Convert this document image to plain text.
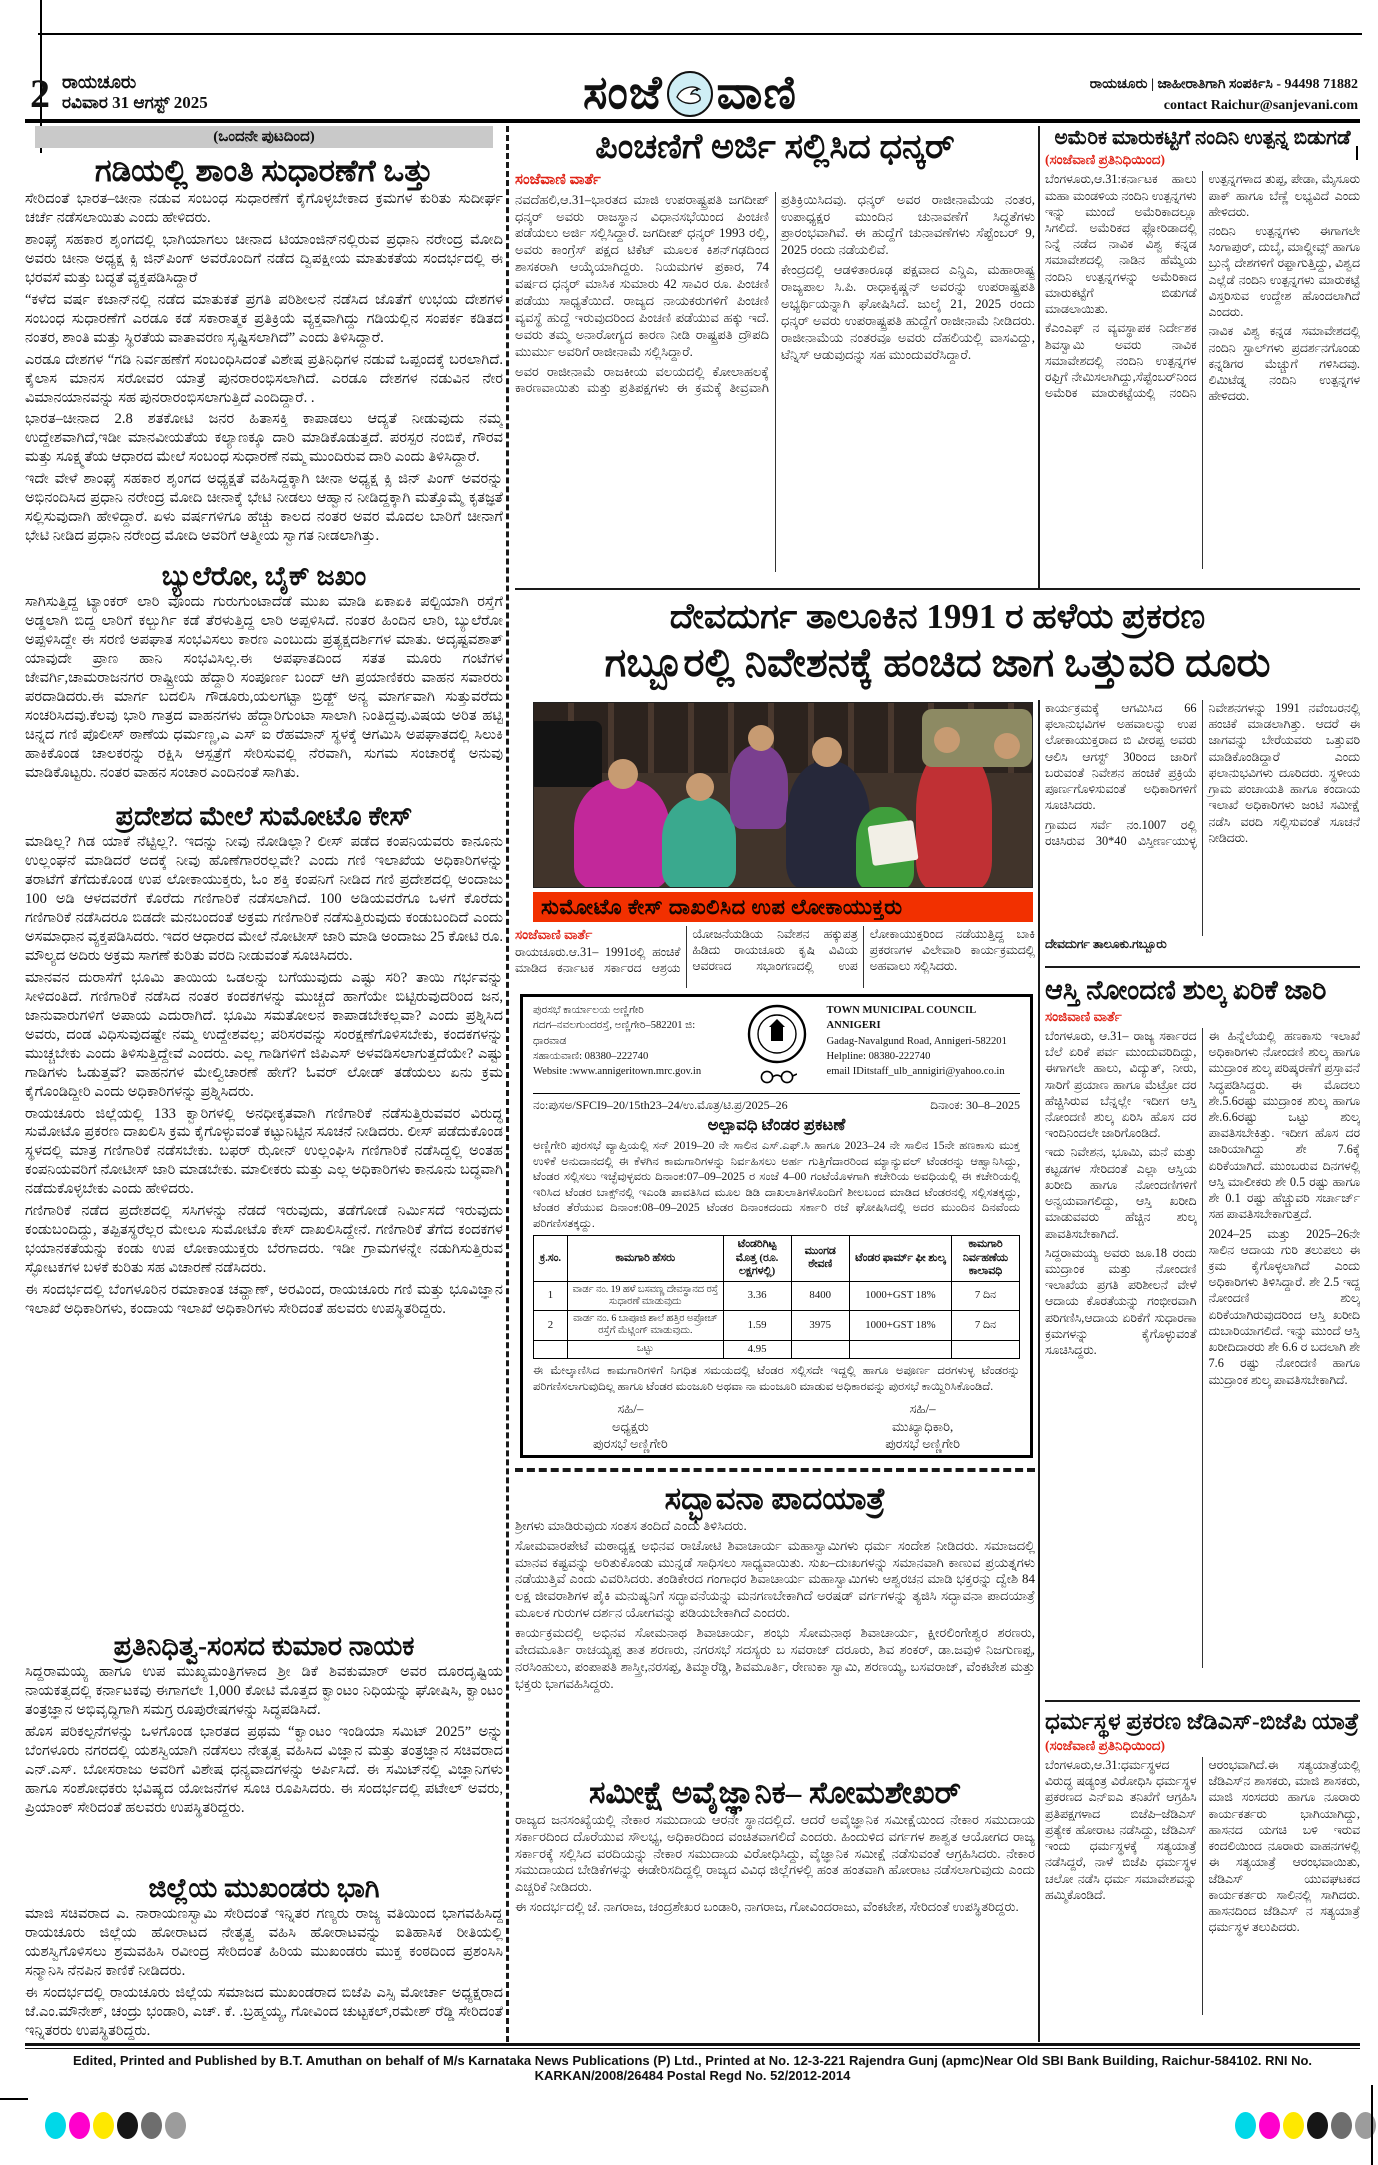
2 ರಾಯಚೂರು
ರವಿವಾರ 31 ಆಗಸ್ಟ್ 2025	ಸಂಜೆ ವಾಣಿ	ರಾಯಚೂರು | ಜಾಹೀರಾತಿಗಾಗಿ ಸಂಪರ್ಕಿಸಿ - 94498 71882
contact Raichur@sanjevani.com
(ಒಂದನೇ ಪುಟದಿಂದ)
ಗಡಿಯಲ್ಲಿ ಶಾಂತಿ ಸುಧಾರಣೆಗೆ ಒತ್ತು

ಸೇರಿದಂತೆ ಭಾರತ–ಚೀನಾ ನಡುವ ಸಂಬಂಧ ಸುಧಾರಣೆಗೆ ಕೈಗೊಳ್ಳಬೇಕಾದ ಕ್ರಮಗಳ ಕುರಿತು ಸುದೀರ್ಘ ಚರ್ಚೆ ನಡೆಸಲಾಯಿತು ಎಂದು ಹೇಳಿದರು.

ಶಾಂಘೈ ಸಹಕಾರ ಶೃಂಗದಲ್ಲಿ ಭಾಗಿಯಾಗಲು ಚೀನಾದ ಟಿಯಾಂಜಿನ್‌ನಲ್ಲಿರುವ ಪ್ರಧಾನಿ ನರೇಂದ್ರ ಮೋದಿ ಅವರು ಚೀನಾ ಅಧ್ಯಕ್ಷ ಕ್ಸಿ ಜಿನ್‌ಪಿಂಗ್ ಅವರೊಂದಿಗೆ ನಡೆದ ದ್ವಿಪಕ್ಷೀಯ ಮಾತುಕತೆಯ ಸಂದರ್ಭದಲ್ಲಿ ಈ ಭರವಸೆ ಮತ್ತು ಬದ್ಧತೆ ವ್ಯಕ್ತಪಡಿಸಿದ್ದಾರೆ

“ಕಳೆದ ವರ್ಷ ಕಜಾನ್‌ನಲ್ಲಿ ನಡೆದ ಮಾತುಕತೆ ಪ್ರಗತಿ ಪರಿಶೀಲನೆ ನಡೆಸಿದ ಜೊತೆಗೆ ಉಭಯ ದೇಶಗಳ ಸಂಬಂಧ ಸುಧಾರಣೆಗೆ ಎರಡೂ ಕಡೆ ಸಕಾರಾತ್ಮಕ ಪ್ರತಿಕ್ರಿಯೆ ವ್ಯಕ್ತವಾಗಿದ್ದು ಗಡಿಯಲ್ಲಿನ ಸಂಪರ್ಕ ಕಡಿತದ ನಂತರ, ಶಾಂತಿ ಮತ್ತು ಸ್ಥಿರತೆಯ ವಾತಾವರಣ ಸೃಷ್ಟಿಸಲಾಗಿದೆ” ಎಂದು ತಿಳಿಸಿದ್ದಾರೆ.

ಎರಡೂ ದೇಶಗಳ “ಗಡಿ ನಿರ್ವಹಣೆಗೆ ಸಂಬಂಧಿಸಿದಂತೆ ವಿಶೇಷ ಪ್ರತಿನಿಧಿಗಳ ನಡುವೆ ಒಪ್ಪಂದಕ್ಕೆ ಬರಲಾಗಿದೆ. ಕೈಲಾಸ ಮಾನಸ ಸರೋವರ ಯಾತ್ರೆ ಪುನರಾರಂಭಿಸಲಾಗಿದೆ. ಎರಡೂ ದೇಶಗಳ ನಡುವಿನ ನೇರ ವಿಮಾನಯಾನವನ್ನು ಸಹ ಪುನರಾರಂಭಿಸಲಾಗುತ್ತಿದೆ ಎಂದಿದ್ದಾರೆ. .

ಭಾರತ–ಚೀನಾದ 2.8 ಶತಕೋಟಿ ಜನರ ಹಿತಾಸಕ್ತಿ ಕಾಪಾಡಲು ಆದ್ಯತೆ ನೀಡುವುದು ನಮ್ಮ ಉದ್ದೇಶವಾಗಿದೆ,ಇಡೀ ಮಾನವೀಯತೆಯ ಕಲ್ಯಾಣಕ್ಕೂ ದಾರಿ ಮಾಡಿಕೊಡುತ್ತದೆ. ಪರಸ್ಪರ ನಂಬಿಕೆ, ಗೌರವ ಮತ್ತು ಸೂಕ್ಷ್ಮತೆಯ ಆಧಾರದ ಮೇಲೆ ಸಂಬಂಧ ಸುಧಾರಣೆ ನಮ್ಮ ಮುಂದಿರುವ ದಾರಿ ಎಂದು ತಿಳಿಸಿದ್ದಾರೆ.

ಇದೇ ವೇಳೆ ಶಾಂಘೈ ಸಹಕಾರ ಶೃಂಗದ ಅಧ್ಯಕ್ಷತೆ ವಹಿಸಿದ್ದಕ್ಕಾಗಿ ಚೀನಾ ಅಧ್ಯಕ್ಷ ಕ್ಸಿ ಜಿನ್ ಪಿಂಗ್ ಅವರನ್ನು ಅಭಿನಂದಿಸಿದ ಪ್ರಧಾನಿ ನರೇಂದ್ರ ಮೋದಿ ಚೀನಾಕ್ಕೆ ಭೇಟಿ ನೀಡಲು ಆಹ್ವಾನ ನೀಡಿದ್ದಕ್ಕಾಗಿ ಮತ್ತೊಮ್ಮೆ ಕೃತಜ್ಞತೆ ಸಲ್ಲಿಸುವುದಾಗಿ ಹೇಳಿದ್ದಾರೆ. ಏಳು ವರ್ಷಗಳಿಗೂ ಹೆಚ್ಚು ಕಾಲದ ನಂತರ ಅವರ ಮೊದಲ ಬಾರಿಗೆ ಚೀನಾಗೆ ಭೇಟಿ ನೀಡಿದ ಪ್ರಧಾನಿ ನರೇಂದ್ರ ಮೋದಿ ಅವರಿಗೆ ಆತ್ಮೀಯ ಸ್ವಾಗತ ನೀಡಲಾಗಿತ್ತು.

ಬ್ಯುಲೆರೋ, ಬೈಕ್ ಜಖಂ

ಸಾಗಿಸುತ್ತಿದ್ದ ಟ್ಯಾಂಕರ್ ಲಾರಿ ವೊಂದು ಗುರುಗುಂಟಾದೆಡೆ ಮುಖ ಮಾಡಿ ಏಕಾಏಕಿ ಪಲ್ಟಿಯಾಗಿ ರಸ್ತೆಗೆ ಅಡ್ಡಲಾಗಿ ಬಿದ್ದ ಲಾರಿಗೆ ಕಲ್ಬುರ್ಗಿ ಕಡೆ ತೆರಳುತ್ತಿದ್ದ ಲಾರಿ ಅಪ್ಪಳಿಸಿದೆ. ನಂತರ ಹಿಂದಿನ ಲಾರಿ, ಬ್ಯುಲೆರೋ ಅಪ್ಪಳಿಸಿದ್ದೇ ಈ ಸರಣಿ ಅಪಘಾತ ಸಂಭವಿಸಲು ಕಾರಣ ಎಂಬುದು ಪ್ರತ್ಯಕ್ಷದರ್ಶಿಗಳ ಮಾತು. ಅದೃಷ್ಟವಶಾತ್ ಯಾವುದೇ ಪ್ರಾಣ ಹಾನಿ ಸಂಭವಿಸಿಲ್ಲ.ಈ ಅಪಘಾತದಿಂದ ಸತತ ಮೂರು ಗಂಟೆಗಳ ಜೇವರ್ಗಿ,ಚಾಮರಾಜನಗರ ರಾಷ್ಟ್ರೀಯ ಹೆದ್ದಾರಿ ಸಂಪೂರ್ಣ ಬಂದ್ ಆಗಿ ಪ್ರಯಾಣಿಕರು ವಾಹನ ಸವಾರರು ಪರದಾಡಿದರು.ಈ ಮಾರ್ಗ ಬದಲಿಸಿ ಗೌಡೂರು,ಯಲಗಟ್ಟಾ ಬ್ರಿಡ್ಜ್ ಅನ್ಯ ಮಾರ್ಗವಾಗಿ ಸುತ್ತುವರೆದು ಸಂಚರಿಸಿದವು.ಕೆಲವು ಭಾರಿ ಗಾತ್ರದ ವಾಹನಗಳು ಹೆದ್ದಾರಿಗುಂಟಾ ಸಾಲಾಗಿ ನಿಂತಿದ್ದವು.ವಿಷಯ ಅರಿತ ಹಟ್ಟಿ ಚಿನ್ನದ ಗಣಿ ಪೊಲೀಸ್ ಠಾಣೆಯ ಧರ್ಮಣ್ಣ,ಎ ಎಸ್ ಐ ರೆಹಮಾನ್ ಸ್ಥಳಕ್ಕೆ ಆಗಮಿಸಿ ಅಪಘಾತದಲ್ಲಿ ಸಿಲುಕಿ ಹಾಕಿಕೊಂಡ ಚಾಲಕರನ್ನು ರಕ್ಷಿಸಿ ಆಸ್ಪತ್ರೆಗೆ ಸೇರಿಸುವಲ್ಲಿ ನೆರವಾಗಿ, ಸುಗಮ ಸಂಚಾರಕ್ಕೆ ಅನುವು ಮಾಡಿಕೊಟ್ಟರು. ನಂತರ ವಾಹನ ಸಂಚಾರ ಎಂದಿನಂತೆ ಸಾಗಿತು.

ಪ್ರದೇಶದ ಮೇಲೆ ಸುಮೋಟೊ ಕೇಸ್

ಮಾಡಿಲ್ಲ? ಗಿಡ ಯಾಕೆ ನೆಟ್ಟಿಲ್ಲ?. ಇದನ್ನು ನೀವು ನೋಡಿಲ್ಲಾ? ಲೀಸ್ ಪಡೆದ ಕಂಪನಿಯವರು ಕಾನೂನು ಉಲ್ಲಂಘನೆ ಮಾಡಿದರೆ ಅದಕ್ಕೆ ನೀವು ಹೊಣೆಗಾರರಲ್ಲವೇ? ಎಂದು ಗಣಿ ಇಲಾಖೆಯ ಅಧಿಕಾರಿಗಳನ್ನು ತರಾಟೆಗೆ ತೆಗೆದುಕೊಂಡ ಉಪ ಲೋಕಾಯುಕ್ತರು, ಓಂ ಶಕ್ತಿ ಕಂಪನಿಗೆ ನೀಡಿದ ಗಣಿ ಪ್ರದೇಶದಲ್ಲಿ ಅಂದಾಜು 100 ಅಡಿ ಆಳದವರೆಗೆ ಕೊರೆದು ಗಣಿಗಾರಿಕೆ ನಡೆಸಲಾಗಿದೆ. 100 ಅಡಿಯವರೆಗೂ ಒಳಗೆ ಕೊರೆದು ಗಣಿಗಾರಿಕೆ ನಡೆಸಿದರೂ ಬಿಡದೇ ಮನಬಂದಂತೆ ಅಕ್ರಮ ಗಣಿಗಾರಿಕೆ ನಡೆಸುತ್ತಿರುವುದು ಕಂಡುಬಂದಿದೆ ಎಂದು ಅಸಮಾಧಾನ ವ್ಯಕ್ತಪಡಿಸಿದರು. ಇದರ ಆಧಾರದ ಮೇಲೆ ನೋಟೀಸ್ ಜಾರಿ ಮಾಡಿ ಅಂದಾಜು 25 ಕೋಟಿ ರೂ. ಮೌಲ್ಯದ ಅದಿರು ಅಕ್ರಮ ಸಾಗಣೆ ಕುರಿತು ವರದಿ ನೀಡುವಂತೆ ಸೂಚಿಸಿದರು.

ಮಾನವನ ದುರಾಸೆಗೆ ಭೂಮಿ ತಾಯಿಯ ಒಡಲನ್ನು ಬಗೆಯುವುದು ಎಷ್ಟು ಸರಿ? ತಾಯಿ ಗರ್ಭವನ್ನು ಸೀಳಿದಂತಿದೆ. ಗಣಿಗಾರಿಕೆ ನಡೆಸಿದ ನಂತರ ಕಂದಕಗಳನ್ನು ಮುಚ್ಚದೆ ಹಾಗೆಯೇ ಬಿಟ್ಟಿರುವುದರಿಂದ ಜನ, ಜಾನುವಾರುಗಳಿಗೆ ಅಪಾಯ ಎದುರಾಗಿದೆ. ಭೂಮಿ ಸಮತೋಲನ ಕಾಪಾಡಬೇಕಲ್ಲವಾ? ಎಂದು ಪ್ರಶ್ನಿಸಿದ ಅವರು, ದಂಡ ವಿಧಿಸುವುದಷ್ಟೇ ನಮ್ಮ ಉದ್ದೇಶವಲ್ಲ; ಪರಿಸರವನ್ನು ಸಂರಕ್ಷಣೆಗೊಳಿಸಬೇಕು, ಕಂದಕಗಳನ್ನು ಮುಚ್ಚಬೇಕು ಎಂದು ತಿಳಿಸುತ್ತಿದ್ದೇವೆ ಎಂದರು. ಎಲ್ಲ ಗಾಡಿಗಳಿಗೆ ಜಿಪಿಎಸ್ ಅಳವಡಿಸಲಾಗುತ್ತದೆಯೇ? ಎಷ್ಟು ಗಾಡಿಗಳು ಓಡುತ್ತವೆ? ವಾಹನಗಳ ಮೇಲ್ವಿಚಾರಣೆ ಹೇಗೆ? ಓವರ್ ಲೋಡ್ ತಡೆಯಲು ಏನು ಕ್ರಮ ಕೈಗೊಂಡಿದ್ದೀರಿ ಎಂದು ಅಧಿಕಾರಿಗಳನ್ನು ಪ್ರಶ್ನಿಸಿದರು.

ರಾಯಚೂರು ಜಿಲ್ಲೆಯಲ್ಲಿ 133 ಕ್ವಾರಿಗಳಲ್ಲಿ ಅನಧೀಕೃತವಾಗಿ ಗಣಿಗಾರಿಕೆ ನಡೆಸುತ್ತಿರುವವರ ವಿರುದ್ಧ ಸುಮೋಟೊ ಪ್ರಕರಣ ದಾಖಲಿಸಿ ಕ್ರಮ ಕೈಗೊಳ್ಳುವಂತೆ ಕಟ್ಟುನಿಟ್ಟಿನ ಸೂಚನೆ ನೀಡಿದರು. ಲೀಸ್ ಪಡೆದುಕೊಂಡ ಸ್ಥಳದಲ್ಲಿ ಮಾತ್ರ ಗಣಿಗಾರಿಕೆ ನಡೆಸಬೇಕು. ಬಫರ್ ಝೋನ್ ಉಲ್ಲಂಘಿಸಿ ಗಣಿಗಾರಿಕೆ ನಡೆಸಿದ್ದಲ್ಲಿ ಅಂತಹ ಕಂಪನಿಯವರಿಗೆ ನೋಟೀಸ್ ಜಾರಿ ಮಾಡಬೇಕು. ಮಾಲೀಕರು ಮತ್ತು ಎಲ್ಲ ಅಧಿಕಾರಿಗಳು ಕಾನೂನು ಬದ್ಧವಾಗಿ ನಡೆದುಕೊಳ್ಳಬೇಕು ಎಂದು ಹೇಳಿದರು.

ಗಣಿಗಾರಿಕೆ ನಡೆದ ಪ್ರದೇಶದಲ್ಲಿ ಸಸಿಗಳನ್ನು ನೆಡದೆ ಇರುವುದು, ತಡೆಗೋಡೆ ನಿರ್ಮಿಸದೆ ಇರುವುದು ಕಂಡುಬಂದಿದ್ದು, ತಪ್ಪಿತಸ್ಥರೆಲ್ಲರ ಮೇಲೂ ಸುಮೋಟೊ ಕೇಸ್ ದಾಖಲಿಸಿದ್ದೇನೆ. ಗಣಿಗಾರಿಕೆ ತೆಗೆದ ಕಂದಕಗಳ ಭಯಾನಕತೆಯನ್ನು ಕಂಡು ಉಪ ಲೋಕಾಯುಕ್ತರು ಬೆರಗಾದರು. ಇಡೀ ಗ್ರಾಮಗಳನ್ನೇ ನಡುಗಿಸುತ್ತಿರುವ ಸ್ಫೋಟಕಗಳ ಬಳಕೆ ಕುರಿತು ಸಹ ವಿಚಾರಣೆ ನಡೆಸಿದರು.

ಈ ಸಂದರ್ಭದಲ್ಲಿ ಬೆಂಗಳೂರಿನ ರಮಾಕಾಂತ ಚವ್ಹಾಣ್, ಅರವಿಂದ, ರಾಯಚೂರು ಗಣಿ ಮತ್ತು ಭೂವಿಜ್ಞಾನ ಇಲಾಖೆ ಅಧಿಕಾರಿಗಳು, ಕಂದಾಯ ಇಲಾಖೆ ಅಧಿಕಾರಿಗಳು ಸೇರಿದಂತೆ ಹಲವರು ಉಪಸ್ಥಿತರಿದ್ದರು.

ಪ್ರತಿನಿಧಿತ್ವ-ಸಂಸದ ಕುಮಾರ ನಾಯಕ

ಸಿದ್ದರಾಮಯ್ಯ ಹಾಗೂ ಉಪ ಮುಖ್ಯಮಂತ್ರಿಗಳಾದ ಶ್ರೀ ಡಿಕೆ ಶಿವಕುಮಾರ್ ಅವರ ದೂರದೃಷ್ಟಿಯ ನಾಯಕತ್ವದಲ್ಲಿ ಕರ್ನಾಟಕವು ಈಗಾಗಲೇ 1,000 ಕೋಟಿ ಮೊತ್ತದ ಕ್ವಾಂಟಂ ನಿಧಿಯನ್ನು ಘೋಷಿಸಿ, ಕ್ವಾಂಟಂ ತಂತ್ರಜ್ಞಾನ ಅಭಿವೃದ್ಧಿಗಾಗಿ ಸಮಗ್ರ ರೂಪುರೇಷಗಳನ್ನು ಸಿದ್ಧಪಡಿಸಿದೆ.

ಹೊಸ ಪರಿಕಲ್ಪನೆಗಳನ್ನು ಒಳಗೊಂಡ ಭಾರತದ ಪ್ರಥಮ “ಕ್ವಾಂಟಂ ಇಂಡಿಯಾ ಸಮಿಟ್ 2025” ಅನ್ನು ಬೆಂಗಳೂರು ನಗರದಲ್ಲಿ ಯಶಸ್ವಿಯಾಗಿ ನಡೆಸಲು ನೇತೃತ್ವ ವಹಿಸಿದ ವಿಜ್ಞಾನ ಮತ್ತು ತಂತ್ರಜ್ಞಾನ ಸಚಿವರಾದ ಎನ್.ಎಸ್. ಬೋಸರಾಜು ಅವರಿಗೆ ವಿಶೇಷ ಧನ್ಯವಾದಗಳನ್ನು ಅರ್ಪಿಸಿದೆ. ಈ ಸಮಿಟ್‌ನಲ್ಲಿ ವಿಜ್ಞಾನಿಗಳು ಹಾಗೂ ಸಂಶೋಧಕರು ಭವಿಷ್ಯದ ಯೋಜನೆಗಳ ಸೂಚಿ ರೂಪಿಸಿದರು. ಈ ಸಂದರ್ಭದಲ್ಲಿ ಪಟೇಲ್ ಅವರು, ಪ್ರಿಯಾಂಕ್ ಸೇರಿದಂತೆ ಹಲವರು ಉಪಸ್ಥಿತರಿದ್ದರು.

ಜಿಲ್ಲೆಯ ಮುಖಂಡರು ಭಾಗಿ

ಮಾಜಿ ಸಚಿವರಾದ ಎ. ನಾರಾಯಣಸ್ವಾಮಿ ಸೇರಿದಂತೆ ಇನ್ನಿತರ ಗಣ್ಯರು ರಾಜ್ಯ ವತಿಯಿಂದ ಭಾಗವಹಿಸಿದ್ದ ರಾಯಚೂರು ಜಿಲ್ಲೆಯ ಹೋರಾಟದ ನೇತೃತ್ವ ವಹಿಸಿ ಹೋರಾಟವನ್ನು ಐತಿಹಾಸಿಕ ರೀತಿಯಲ್ಲಿ ಯಶಸ್ವಿಗೊಳಿಸಲು ಶ್ರಮವಹಿಸಿ ರವೀಂದ್ರ ಸೇರಿದಂತೆ ಹಿರಿಯ ಮುಖಂಡರು ಮುಕ್ತ ಕಂಠದಿಂದ ಪ್ರಶಂಸಿಸಿ ಸನ್ಮಾನಿಸಿ ನೆನಪಿನ ಕಾಣಿಕೆ ನೀಡಿದರು.

ಈ ಸಂದರ್ಭದಲ್ಲಿ ರಾಯಚೂರು ಜಿಲ್ಲೆಯ ಸಮಾಜದ ಮುಖಂಡರಾದ ಬಿಜೆಪಿ ಎಸ್ಸಿ ಮೋರ್ಚಾ ಅಧ್ಯಕ್ಷರಾದ ಜೆ.ಎಂ.ಮೌನೇಶ್, ಚಂದ್ರು ಭಂಡಾರಿ, ಎಚ್. ಕೆ. .ಬ್ರಹ್ಮಯ್ಯ, ಗೋವಿಂದ ಚುಟ್ಟಕಲ್,ರಮೇಶ್ ರೆಡ್ಡಿ ಸೇರಿದಂತೆ ಇನ್ನಿತರರು ಉಪಸ್ಥಿತರಿದ್ದರು.

ಪಿಂಚಣಿಗೆ ಅರ್ಜಿ ಸಲ್ಲಿಸಿದ ಧನ್ಕರ್
ಸಂಜೆವಾಣಿ ವಾರ್ತೆ

ನವದೆಹಲಿ,ಆ.31–ಭಾರತದ ಮಾಜಿ ಉಪರಾಷ್ಟ್ರಪತಿ ಜಗದೀಪ್ ಧನ್ಕರ್ ಅವರು ರಾಜಸ್ಥಾನ ವಿಧಾನಸಭೆಯಿಂದ ಪಿಂಚಣಿ ಪಡೆಯಲು ಅರ್ಜಿ ಸಲ್ಲಿಸಿದ್ದಾರೆ. ಜಗದೀಪ್ ಧನ್ಕರ್ 1993 ರಲ್ಲಿ, ಅವರು ಕಾಂಗ್ರೆಸ್ ಪಕ್ಷದ ಟಿಕೆಟ್ ಮೂಲಕ ಕಿಶನ್‌ಗಢದಿಂದ ಶಾಸಕರಾಗಿ ಆಯ್ಕೆಯಾಗಿದ್ದರು. ನಿಯಮಗಳ ಪ್ರಕಾರ, 74 ವರ್ಷದ ಧನ್ಕರ್ ಮಾಸಿಕ ಸುಮಾರು 42 ಸಾವಿರ ರೂ. ಪಿಂಚಣಿ ಪಡೆಯು ಸಾಧ್ಯತೆಯಿದೆ. ರಾಜ್ಯದ ನಾಯಕರುಗಳಿಗೆ ಪಿಂಚಣಿ ವ್ಯವಸ್ಥೆ ಹುದ್ದೆ ಇರುವುದರಿಂದ ಪಿಂಚಣಿ ಪಡೆಯುವ ಹಕ್ಕು ಇದೆ. ಅವರು ತಮ್ಮ ಅನಾರೋಗ್ಯದ ಕಾರಣ ನೀಡಿ ರಾಷ್ಟ್ರಪತಿ ದ್ರೌಪದಿ ಮುರ್ಮು ಅವರಿಗೆ ರಾಜೀನಾಮೆ ಸಲ್ಲಿಸಿದ್ದಾರೆ.

ಅವರ ರಾಜೀನಾಮೆ ರಾಜಕೀಯ ವಲಯದಲ್ಲಿ ಕೋಲಾಹಲಕ್ಕೆ ಕಾರಣವಾಯಿತು ಮತ್ತು ಪ್ರತಿಪಕ್ಷಗಳು ಈ ಕ್ರಮಕ್ಕೆ ತೀವ್ರವಾಗಿ ಪ್ರತಿಕ್ರಿಯಿಸಿದವು. ಧನ್ಕರ್ ಅವರ ರಾಜೀನಾಮೆಯ ನಂತರ, ಉಪಾಧ್ಯಕ್ಷರ ಮುಂದಿನ ಚುನಾವಣೆಗೆ ಸಿದ್ಧತೆಗಳು ಪ್ರಾರಂಭವಾಗಿವೆ. ಈ ಹುದ್ದೆಗೆ ಚುನಾವಣೆಗಳು ಸೆಪ್ಟೆಂಬರ್ 9, 2025 ರಂದು ನಡೆಯಲಿವೆ.

ಕೇಂದ್ರದಲ್ಲಿ ಆಡಳಿತಾರೂಢ ಪಕ್ಷವಾದ ಎನ್ಡಿಎ, ಮಹಾರಾಷ್ಟ್ರ ರಾಜ್ಯಪಾಲ ಸಿ.ಪಿ. ರಾಧಾಕೃಷ್ಣನ್ ಅವರನ್ನು ಉಪರಾಷ್ಟ್ರಪತಿ ಅಭ್ಯರ್ಥಿಯನ್ನಾಗಿ ಘೋಷಿಸಿದೆ. ಜುಲೈ 21, 2025 ರಂದು ಧನ್ಕರ್ ಅವರು ಉಪರಾಷ್ಟ್ರಪತಿ ಹುದ್ದೆಗೆ ರಾಜೀನಾಮೆ ನೀಡಿದರು. ರಾಜೀನಾಮೆಯ ನಂತರವೂ ಅವರು ದೆಹಲಿಯಲ್ಲಿ ವಾಸವಿದ್ದು, ಟೆನ್ನಿಸ್ ಆಡುವುದನ್ನು ಸಹ ಮುಂದುವರೆಸಿದ್ದಾರೆ.

ಅಮೆರಿಕ ಮಾರುಕಟ್ಟಿಗೆ ನಂದಿನಿ ಉತ್ಪನ್ನ ಬಿಡುಗಡೆ
(ಸಂಜೆವಾಣಿ ಪ್ರತಿನಿಧಿಯಿಂದ)

ಬೆಂಗಳೂರು,ಆ.31:ಕರ್ನಾಟಕ ಹಾಲು ಮಹಾ ಮಂಡಳಿಯ ನಂದಿನಿ ಉತ್ಪನ್ನಗಳು ಇನ್ನು ಮುಂದೆ ಅಮೆರಿಕಾದಲ್ಲೂ ಸಿಗಲಿದೆ. ಅಮೆರಿಕದ ಫ್ಲೋರಿಡಾದಲ್ಲಿ ನಿನ್ನೆ ನಡೆದ ನಾವಿಕ ವಿಶ್ವ ಕನ್ನಡ ಸಮಾವೇಶದಲ್ಲಿ ನಾಡಿನ ಹೆಮ್ಮೆಯ ನಂದಿನಿ ಉತ್ಪನ್ನಗಳನ್ನು ಅಮೆರಿಕಾದ ಮಾರುಕಟ್ಟೆಗೆ ಬಿಡುಗಡೆ ಮಾಡಲಾಯಿತು.

ಕೆಎಂಎಫ್ ನ ವ್ಯವಸ್ಥಾಪಕ ನಿರ್ದೇಶಕ ಶಿವಸ್ವಾಮಿ ಅವರು ನಾವಿಕ ಸಮಾವೇಶದಲ್ಲಿ ನಂದಿನಿ ಉತ್ಪನ್ನಗಳ ರಫ್ತಿಗೆ ನೇಮಿಸಲಾಗಿದ್ದು,ಸೆಪ್ಟೆಂಬರ್‌ನಿಂದ ಅಮೆರಿಕ ಮಾರುಕಟ್ಟೆಯಲ್ಲಿ ನಂದಿನಿ ಉತ್ಪನ್ನಗಳಾದ ತುಪ್ಪ, ಪೇಡಾ, ಮೈಸೂರು ಪಾಕ್ ಹಾಗೂ ಬೆಣ್ಣೆ ಲಭ್ಯವಿದೆ ಎಂದು ಹೇಳಿದರು.

ನಂದಿನಿ ಉತ್ಪನ್ನಗಳು ಈಗಾಗಲೇ ಸಿಂಗಾಪುರ್, ದುಬೈ, ಮಾಲ್ಡೀವ್ಸ್ ಹಾಗೂ ಬ್ರುನೈ ದೇಶಗಳಿಗೆ ರಫ್ತಾಗುತ್ತಿದ್ದು, ವಿಶ್ವದ ಎಲ್ಲೆಡೆ ನಂದಿನಿ ಉತ್ಪನ್ನಗಳು ಮಾರುಕಟ್ಟೆ ವಿಸ್ತರಿಸುವ ಉದ್ದೇಶ ಹೊಂದಲಾಗಿದೆ ಎಂದರು.

ನಾವಿಕ ವಿಶ್ವ ಕನ್ನಡ ಸಮಾವೇಶದಲ್ಲಿ ನಂದಿನಿ ಸ್ಟಾಲ್‌ಗಳು ಪ್ರದರ್ಶನಗೊಂಡು ಕನ್ನಡಿಗರ ಮೆಚ್ಚುಗೆ ಗಳಿಸಿದವು. ಲಿಮಿಟೆಡ್ನ ನಂದಿನಿ ಉತ್ಪನ್ನಗಳ ಹೇಳಿದರು.

ದೇವದುರ್ಗ ತಾಲೂಕಿನ 1991 ರ ಹಳೆಯ ಪ್ರಕರಣ
ಗಬ್ಬೂರಲ್ಲಿ ನಿವೇಶನಕ್ಕೆ ಹಂಚಿದ ಜಾಗ ಒತ್ತುವರಿ ದೂರು

ಕಾರ್ಯಕ್ರಮಕ್ಕೆ ಆಗಮಿಸಿದ 66 ಫಲಾನುಭವಿಗಳ ಅಹವಾಲನ್ನು ಉಪ ಲೋಕಾಯುಕ್ತರಾದ ಬಿ ವೀರಪ್ಪ ಅವರು ಆಲಿಸಿ ಆಗಸ್ಟ್ 30ರಿಂದ ಜಾರಿಗೆ ಬರುವಂತೆ ನಿವೇಶನ ಹಂಚಿಕೆ ಪ್ರಕ್ರಿಯೆ ಪೂರ್ಣಗೊಳಿಸುವಂತೆ ಅಧಿಕಾರಿಗಳಿಗೆ ಸೂಚಿಸಿದರು.

ಗ್ರಾಮದ ಸರ್ವೆ ನಂ.1007 ರಲ್ಲಿ ರಚಿಸಿರುವ 30*40 ವಿಸ್ತೀರ್ಣಯುಳ್ಳ ನಿವೇಶನಗಳನ್ನು 1991 ನವೆಂಬರನಲ್ಲಿ ಹಂಚಿಕೆ ಮಾಡಲಾಗಿತ್ತು. ಆದರೆ ಈ ಜಾಗವನ್ನು ಬೇರೆಯವರು ಒತ್ತುವರಿ ಮಾಡಿಕೊಂಡಿದ್ದಾರೆ ಎಂದು ಫಲಾನುಭವಿಗಳು ದೂರಿದರು. ಸ್ಥಳೀಯ ಗ್ರಾಮ ಪಂಚಾಯತಿ ಹಾಗೂ ಕಂದಾಯ ಇಲಾಖೆ ಅಧಿಕಾರಿಗಳು ಜಂಟಿ ಸಮೀಕ್ಷೆ ನಡೆಸಿ ವರದಿ ಸಲ್ಲಿಸುವಂತೆ ಸೂಚನೆ ನೀಡಿದರು.

ದೇವದುರ್ಗ ತಾಲೂಕು.ಗಬ್ಬೂರು
ಸುಮೋಟೊ ಕೇಸ್ ದಾಖಲಿಸಿದ ಉಪ ಲೋಕಾಯುಕ್ತರು
ಸಂಜೆವಾಣಿ ವಾರ್ತೆ

ರಾಯಚೂರು.ಆ.31– 1991ರಲ್ಲಿ ಹಂಚಿಕೆ ಮಾಡಿದ ಕರ್ನಾಟಕ ಸರ್ಕಾರದ ಆಶ್ರಯ ಯೋಜನೆಯಡಿಯ ನಿವೇಶನ ಹಕ್ಕುಪತ್ರ ಹಿಡಿದು ರಾಯಚೂರು ಕೃಷಿ ವಿವಿಯ ಆವರಣದ ಸಭಾಂಗಣದಲ್ಲಿ ಉಪ ಲೋಕಾಯುಕ್ತರಿಂದ ನಡೆಯುತ್ತಿದ್ದ ಬಾಕಿ ಪ್ರಕರಣಗಳ ವಿಲೇವಾರಿ ಕಾರ್ಯಕ್ರಮದಲ್ಲಿ ಅಹವಾಲು ಸಲ್ಲಿಸಿದರು.

ಪುರಸಭೆ ಕಾರ್ಯಾಲಯ ಅಣ್ಣಿಗೇರಿ
ಗದಗ–ನವಲಗುಂದರಸ್ತೆ, ಅಣ್ಣಿಗೇರಿ–582201 ಜಿ: ಧಾರವಾಡ
ಸಹಾಯವಾಣಿ: 08380–222740
Website :www.annigeritown.mrc.gov.in

TOWN MUNICIPAL COUNCIL ANNIGERI
Gadag-Navalgund Road, Annigeri-582201
Helpline: 08380-222740
email IDitstaff_ulb_annigiri@yahoo.co.in
ನಂ:ಪುಸಅ/SFCI9–20/15th23–24/ಉ.ಮೊತ್ರ/ಟಿ.ಪ್ರ/2025–26	ದಿನಾಂಕ: 30–8–2025
ಅಲ್ಪಾವಧಿ ಟೆಂಡರ ಪ್ರಕಟಣೆ
ಅಣ್ಣಿಗೇರಿ ಪುರಸಭೆ ವ್ಯಾಪ್ತಿಯಲ್ಲಿ ಸನ್ 2019–20 ನೇ ಸಾಲಿನ ಎಸ್.ಎಫ್.ಸಿ ಹಾಗೂ 2023–24 ನೇ ಸಾಲಿನ 15ನೇ ಹಣಕಾಸು ಮುಕ್ತ ಉಳಿಕೆ ಅನುದಾನದಲ್ಲಿ ಈ ಕೆಳಗಿನ ಕಾಮಗಾರಿಗಳನ್ನು ನಿರ್ವಹಿಸಲು ಅರ್ಹ ಗುತ್ತಿಗೆದಾರರಿಂದ ಮ್ಯಾನ್ಯುವಲ್ ಟೆಂಡರನ್ನು ಆಹ್ವಾನಿಸಿದ್ದು, ಟೆಂಡರ ಸಲ್ಲಿಸಲು ಇಚ್ಛೆವುಳ್ಳವರು ದಿನಾಂಕ:07–09–2025 ರ ಸಂಜೆ 4–00 ಗಂಟೆಯೊಳಗಾಗಿ ಕಚೇರಿಯ ಅವಧಿಯಲ್ಲಿ ಈ ಕಚೇರಿಯಲ್ಲಿ ಇರಿಸಿದ ಟೆಂಡರ ಬಾಕ್ಸ್‌ನಲ್ಲಿ ಇಎಂಡಿ ಪಾವತಿಸಿದ ಮೂಲ ಡಿಡಿ ದಾಖಲಾತಿಗಳೊಂದಿಗೆ ಶೀಲಬಂದ ಮಾಡಿದ ಟೆಂಡರನಲ್ಲಿ ಸಲ್ಲಿಸತಕ್ಕದ್ದು, ಟೆಂಡರ ತೆರೆಯುವ ದಿನಾಂಕ:08–09–2025 ಟೆಂಡರ ದಿನಾಂಕದಂದು ಸರ್ಕಾರಿ ರಜೆ ಘೋಷಿಸಿದಲ್ಲಿ ಅದರ ಮುಂದಿನ ದಿನವೆಂದು ಪರಿಗಣಿಸತಕ್ಕದ್ದು.
ಕ್ರ.ಸಂ.	ಕಾಮಗಾರಿ ಹೆಸರು	ಟೆಂಡರಿಗಿಟ್ಟ ಮೊತ್ತ (ರೂ. ಲಕ್ಷಗಳಲ್ಲಿ)	ಮುಂಗಡ ಠೇವಣಿ	ಟೆಂಡರ ಫಾರ್ಮ್ ಫೀ ಶುಲ್ಕ	ಕಾಮಗಾರಿ ನಿರ್ವಹಣೆಯ ಕಾಲಾವಧಿ
1	ವಾರ್ಡ ನಂ. 19 ಹಳೆ ಬಸವಣ್ಣ ದೇವಸ್ಥಾನದ ರಸ್ತೆ ಸುಧಾರಣೆ ಮಾಡುವುದು	3.36	8400	1000+GST 18%	7 ದಿನ
2	ವಾರ್ಡ ನಂ. 6 ಬಾಪೂಜಿ ಶಾಲೆ ಹತ್ತಿರ ಅಪ್ರೋಚ್ ರಸ್ತೆಗೆ ಮೆಟ್ಲಿಂಗ್ ಮಾಡುವುದು.	1.59	3975	1000+GST 18%	7 ದಿನ
	ಒಟ್ಟು	4.95			
ಈ ಮೇಲ್ಕಾಣಿಸಿದ ಕಾಮಗಾರಿಗಳಿಗೆ ನಿಗಧಿತ ಸಮಯದಲ್ಲಿ ಟೆಂಡರ ಸಲ್ಲಿಸದೇ ಇದ್ದಲ್ಲಿ ಹಾಗೂ ಅಪೂರ್ಣ ದರಗಳುಳ್ಳ ಟೆಂಡರನ್ನು ಪರಿಗಣಿಸಲಾಗುವುದಿಲ್ಲ ಹಾಗೂ ಟೆಂಡರ ಮಂಜೂರಿ ಅಥವಾ ನಾ ಮಂಜೂರಿ ಮಾಡುವ ಅಧಿಕಾರವನ್ನು ಪುರಸಭೆ ಕಾಯ್ದಿರಿಸಿಕೊಂಡಿದೆ.
ಸಹಿ/–
ಅಧ್ಯಕ್ಷರು
ಪುರಸಭೆ ಅಣ್ಣಿಗೇರಿ
ಸಹಿ/–
ಮುಖ್ಯಾಧಿಕಾರಿ,
ಪುರಸಭೆ ಅಣ್ಣಿಗೇರಿ
ಸದ್ಭಾವನಾ ಪಾದಯಾತ್ರೆ

ಶ್ರೀಗಳು ಮಾಡಿರುವುದು ಸಂತಸ ತಂದಿದೆ ಎಂದು ತಿಳಿಸಿದರು.

ಸೋಮವಾರಪೇಟೆ ಮಠಾಧ್ಯಕ್ಷ ಅಭಿನವ ರಾಚೋಟಿ ಶಿವಾಚಾರ್ಯ ಮಹಾಸ್ವಾಮಿಗಳು ಧರ್ಮ ಸಂದೇಶ ನೀಡಿದರು. ಸಮಾಜದಲ್ಲಿ ಮಾನವ ಕಷ್ಟವನ್ನು ಅರಿತುಕೊಂಡು ಮುನ್ನಡೆ ಸಾಧಿಸಲು ಸಾಧ್ಯವಾಯಿತು. ಸುಖ–ದುಃಖಗಳನ್ನು ಸಮಾನವಾಗಿ ಕಾಣುವ ಪ್ರಯತ್ನಗಳು ನಡೆಯುತ್ತಿವೆ ಎಂದು ವಿವರಿಸಿದರು. ತಂಡಿಕೇರದ ಗಂಗಾಧರ ಶಿವಾಚಾರ್ಯ ಮಹಾಸ್ವಾಮಿಗಳು ಆಶ್ವರಚನ ಮಾಡಿ ಭಕ್ತರನ್ನು ದ್ವೇಶಿ 84 ಲಕ್ಷ ಜೀವರಾಶಿಗಳ ಪೈಕಿ ಮನುಷ್ಯನಿಗೆ ಸದ್ಭಾವನೆಯನ್ನು ಮನಗಣಬೇಕಾಗಿದೆ ಅರಷಡ್ ವರ್ಗಗಳನ್ನು ತ್ಯಜಿಸಿ ಸದ್ಭಾವನಾ ಪಾದಯಾತ್ರೆ ಮೂಲಕ ಗುರುಗಳ ದರ್ಶನ ಯೋಗವನ್ನು ಪಡಿಯಬೇಕಾಗಿದೆ ಎಂದರು.

ಕಾರ್ಯಕ್ರಮದಲ್ಲಿ ಅಭಿನವ ಸೋಮನಾಥ ಶಿವಾಚಾರ್ಯ, ಶಂಭು ಸೋಮನಾಥ ಶಿವಾಚಾರ್ಯ, ಕ್ಷೀರಲಿಂಗೇಶ್ವರ ಶರಣರು, ವೇದಮೂರ್ತಿ ರಾಚಯ್ಯಪ್ಪ ತಾತ ಶರಣರು, ನಗರಸಭೆ ಸದಸ್ಯರು ಬ ಸವರಾಜ್ ದರೂರು, ಶಿವ ಶಂಕರ್, ಡಾ.ಜವುಳಿ ನಿಜಗುಣಪ್ಪ, ನರಸಿಂಹುಲು, ಪಂಪಾಪತಿ ಶಾಸ್ತ್ರೀ,ನರಸಪ್ಪ, ತಿಮ್ಮಾರೆಡ್ಡಿ, ಶಿವಮೂರ್ತಿ, ರೇಣುಕಾ ಸ್ವಾಮಿ, ಶರಣಯ್ಯ, ಬಸವರಾಜ್, ವೆಂಕಟೇಶ ಮತ್ತು ಭಕ್ತರು ಭಾಗವಹಿಸಿದ್ದರು.

ಸಮೀಕ್ಷೆ ಅವೈಜ್ಞಾನಿಕ– ಸೋಮಶೇಖರ್

ರಾಜ್ಯದ ಜನಸಂಖ್ಯೆಯಲ್ಲಿ ನೇಕಾರ ಸಮುದಾಯ ಆರನೇ ಸ್ಥಾನದಲ್ಲಿದೆ. ಆದರೆ ಅವೈಜ್ಞಾನಿಕ ಸಮೀಕ್ಷೆಯಿಂದ ನೇಕಾರ ಸಮುದಾಯ ಸರ್ಕಾರದಿಂದ ದೊರೆಯುವ ಸೌಲಭ್ಯ, ಅಧಿಕಾರದಿಂದ ವಂಚಿತವಾಗಲಿದೆ ಎಂದರು. ಹಿಂದುಳಿದ ವರ್ಗಗಳ ಶಾಶ್ವತ ಆಯೋಗದ ರಾಜ್ಯ ಸರ್ಕಾರಕ್ಕೆ ಸಲ್ಲಿಸಿದ ವರದಿಯನ್ನು ನೇಕಾರ ಸಮುದಾಯ ವಿರೋಧಿಸಿದ್ದು, ವೈಜ್ಞಾನಿಕ ಸಮೀಕ್ಷೆ ನಡೆಸುವಂತೆ ಆಗ್ರಹಿಸಿದರು. ನೇಕಾರ ಸಮುದಾಯದ ಬೇಡಿಕೆಗಳನ್ನು ಈಡೇರಿಸದಿದ್ದಲ್ಲಿ ರಾಜ್ಯದ ವಿವಿಧ ಜಿಲ್ಲೆಗಳಲ್ಲಿ ಹಂತ ಹಂತವಾಗಿ ಹೋರಾಟ ನಡೆಸಲಾಗುವುದು ಎಂದು ಎಚ್ಚರಿಕೆ ನೀಡಿದರು.

ಈ ಸಂದರ್ಭದಲ್ಲಿ ಜೆ. ನಾಗರಾಜ, ಚಂದ್ರಶೇಖರ ಬಂಡಾರಿ, ನಾಗರಾಜ, ಗೋವಿಂದರಾಜು, ವೆಂಕಟೇಶ, ಸೇರಿದಂತೆ ಉಪಸ್ಥಿತರಿದ್ದರು.

ಆಸ್ತಿ ನೋಂದಣಿ ಶುಲ್ಕ ಏರಿಕೆ ಜಾರಿ
ಸಂಜಿವಾಣಿ ವಾರ್ತೆ

ಬೆಂಗಳೂರು, ಆ.31– ರಾಜ್ಯ ಸರ್ಕಾರದ ಬೆಲೆ ಏರಿಕೆ ಪರ್ವ ಮುಂದುವರಿದಿದ್ದು, ಈಗಾಗಲೇ ಹಾಲು, ವಿದ್ಯುತ್, ನೀರು, ಸಾರಿಗೆ ಪ್ರಯಾಣ ಹಾಗೂ ಮೆಟ್ರೋ ದರ ಹೆಚ್ಚಿಸಿರುವ ಬೆನ್ನಲ್ಲೇ ಇದೀಗ ಆಸ್ತಿ ನೋಂದಣಿ ಶುಲ್ಕ ಏರಿಸಿ ಹೊಸ ದರ ಇಂದಿನಿಂದಲೇ ಜಾರಿಗೊಂಡಿದೆ.

ಇದು ನಿವೇಶನ, ಭೂಮಿ, ಮನೆ ಮತ್ತು ಕಟ್ಟಡಗಳ ಸೇರಿದಂತೆ ಎಲ್ಲಾ ಆಸ್ತಿಯ ಖರೀದಿ ಹಾಗೂ ನೋಂದಣಿಗಳಿಗೆ ಅನ್ವಯವಾಗಲಿದ್ದು, ಆಸ್ತಿ ಖರೀದಿ ಮಾಡುವವರು ಹೆಚ್ಚಿನ ಶುಲ್ಕ ಪಾವತಿಸಬೇಕಾಗಿದೆ.

ಸಿದ್ದರಾಮಯ್ಯ ಅವರು ಜೂ.18 ರಂದು ಮುದ್ರಾಂಕ ಮತ್ತು ನೋಂದಣಿ ಇಲಾಖೆಯ ಪ್ರಗತಿ ಪರಿಶೀಲನೆ ವೇಳೆ ಆದಾಯ ಕೊರತೆಯನ್ನು ಗಂಭೀರವಾಗಿ ಪರಿಗಣಿಸಿ,ಆದಾಯ ಏರಿಕೆಗೆ ಸುಧಾರಣಾ ಕ್ರಮಗಳನ್ನು ಕೈಗೊಳ್ಳುವಂತೆ ಸೂಚಿಸಿದ್ದರು.

ಈ ಹಿನ್ನೆಲೆಯಲ್ಲಿ ಹಣಕಾಸು ಇಲಾಖೆ ಅಧಿಕಾರಿಗಳು ನೋಂದಣಿ ಶುಲ್ಕ ಹಾಗೂ ಮುದ್ರಾಂಕ ಶುಲ್ಕ ಪರಿಷ್ಕರಣೆಗೆ ಪ್ರಸ್ತಾವನೆ ಸಿದ್ಧಪಡಿಸಿದ್ದರು. ಈ ಮೊದಲು ಶೇ.5.6ರಷ್ಟು ಮುದ್ರಾಂಕ ಶುಲ್ಕ ಹಾಗೂ ಶೇ.6.6ರಷ್ಟು ಒಟ್ಟು ಶುಲ್ಕ ಪಾವತಿಸಬೇಕಿತ್ತು. ಇದೀಗ ಹೊಸ ದರ ಜಾರಿಯಾಗಿದ್ದು ಶೇ 7.6ಕ್ಕೆ ಏರಿಕೆಯಾಗಿದೆ. ಮುಂಬರುವ ದಿನಗಳಲ್ಲಿ ಆಸ್ತಿ ಮಾಲೀಕರು ಶೇ 0.5 ರಷ್ಟು ಹಾಗೂ ಶೇ 0.1 ರಷ್ಟು ಹೆಚ್ಚುವರಿ ಸರ್ಚಾರ್ಜ್ ಸಹ ಪಾವತಿಸಬೇಕಾಗುತ್ತದೆ.

2024–25 ಮತ್ತು 2025–26ನೇ ಸಾಲಿನ ಆದಾಯ ಗುರಿ ತಲುಪಲು ಈ ಕ್ರಮ ಕೈಗೊಳ್ಳಲಾಗಿದೆ ಎಂದು ಅಧಿಕಾರಿಗಳು ತಿಳಿಸಿದ್ದಾರೆ. ಶೇ 2.5 ಇದ್ದ ನೋಂದಣಿ ಶುಲ್ಕ ಏರಿಕೆಯಾಗಿರುವುದರಿಂದ ಆಸ್ತಿ ಖರೀದಿ ದುಬಾರಿಯಾಗಲಿದೆ. ಇನ್ನು ಮುಂದೆ ಆಸ್ತಿ ಖರೀದಿದಾರರು ಶೇ 6.6 ರ ಬದಲಾಗಿ ಶೇ 7.6 ರಷ್ಟು ನೋಂದಣಿ ಹಾಗೂ ಮುದ್ರಾಂಕ ಶುಲ್ಕ ಪಾವತಿಸಬೇಕಾಗಿದೆ.

ಧರ್ಮಸ್ಥಳ ಪ್ರಕರಣ ಜೆಡಿಎಸ್-ಬಿಜೆಪಿ ಯಾತ್ರೆ
(ಸಂಜೆವಾಣಿ ಪ್ರತಿನಿಧಿಯಿಂದ)

ಬೆಂಗಳೂರು,ಆ.31:ಧರ್ಮಸ್ಥಳದ ವಿರುದ್ಧ ಷಡ್ಯಂತ್ರ ವಿರೋಧಿಸಿ ಧರ್ಮಸ್ಥಳ ಪ್ರಕರಣದ ಎನ್‌ಐಎ ತನಿಖೆಗೆ ಆಗ್ರಹಿಸಿ ಪ್ರತಿಪಕ್ಷಗಳಾದ ಬಿಜೆಪಿ–ಜೆಡಿಎಸ್ ಪ್ರತ್ಯೇಕ ಹೋರಾಟ ನಡೆಸಿದ್ದು, ಜೆಡಿಎಸ್ ಇಂದು ಧರ್ಮಸ್ಥಳಕ್ಕೆ ಸತ್ಯಯಾತ್ರೆ ನಡೆಸಿದ್ದರೆ, ನಾಳೆ ಬಿಜೆಪಿ ಧರ್ಮಸ್ಥಳ ಚಲೋ ನಡೆಸಿ ಧರ್ಮ ಸಮಾವೇಶವನ್ನು ಹಮ್ಮಿಕೊಂಡಿದೆ.

ಆರಂಭವಾಗಿದೆ.ಈ ಸತ್ಯಯಾತ್ರೆಯಲ್ಲಿ ಜೆಡಿಎಸ್‌ನ ಶಾಸಕರು, ಮಾಜಿ ಶಾಸಕರು, ಮಾಜಿ ಸಂಸದರು ಹಾಗೂ ನೂರಾರು ಕಾರ್ಯಕರ್ತರು ಭಾಗಿಯಾಗಿದ್ದು, ಹಾಸನದ ಯಗಚಿ ಬಳಿ ಇರುವ ಕಂದಲಿಯಿಂದ ನೂರಾರು ವಾಹನಗಳಲ್ಲಿ ಈ ಸತ್ಯಯಾತ್ರೆ ಆರಂಭವಾಯಿತು, ಜೆಡಿಎಸ್ ಯುವಘಟಕದ ಕಾರ್ಯಕರ್ತರು ಸಾಲಿನಲ್ಲಿ ಸಾಗಿದರು. ಹಾಸನದಿಂದ ಜೆಡಿಎಸ್ ನ ಸತ್ಯಯಾತ್ರೆ ಧರ್ಮಸ್ಥಳ ತಲುಪಿದರು.

Edited, Printed and Published by B.T. Amuthan on behalf of M/s Karnataka News Publications (P) Ltd., Printed at No. 12-3-221 Rajendra Gunj (apmc)Near Old SBI Bank Building, Raichur-584102. RNI No. KARKAN/2008/26484 Postal Regd No. 52/2012-2014
